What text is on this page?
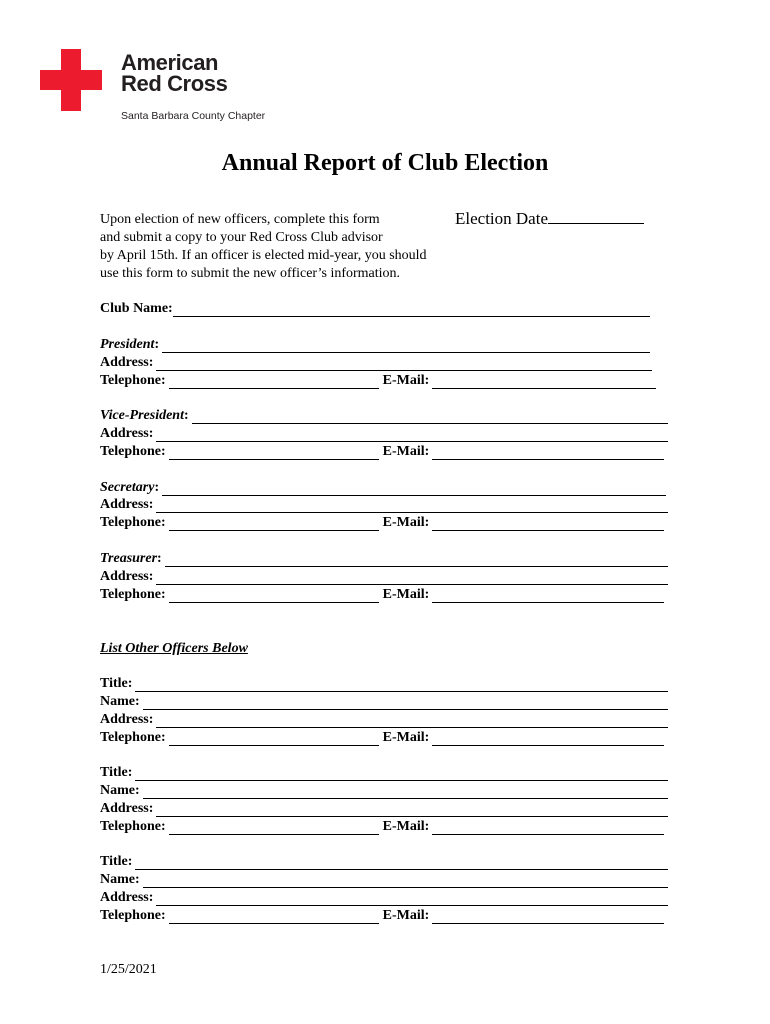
American
Red Cross
Santa Barbara County Chapter
Annual Report of Club Election
Upon election of new officers, complete this form
and submit a copy to your Red Cross Club advisor
by April 15th. If an officer is elected mid-year, you should
use this form to submit the new officer’s information.
Election Date
Club Name:
President :
Address:
Telephone:	E-Mail:
Vice-President :
Address:
Telephone:	E-Mail:
Secretary :
Address:
Telephone:	E-Mail:
Treasurer :
Address:
Telephone:	E-Mail:
List Other Officers Below
Title:
Name:
Address:
Telephone:	E-Mail:
Title:
Name:
Address:
Telephone:	E-Mail:
Title:
Name:
Address:
Telephone:	E-Mail:
1/25/2021
